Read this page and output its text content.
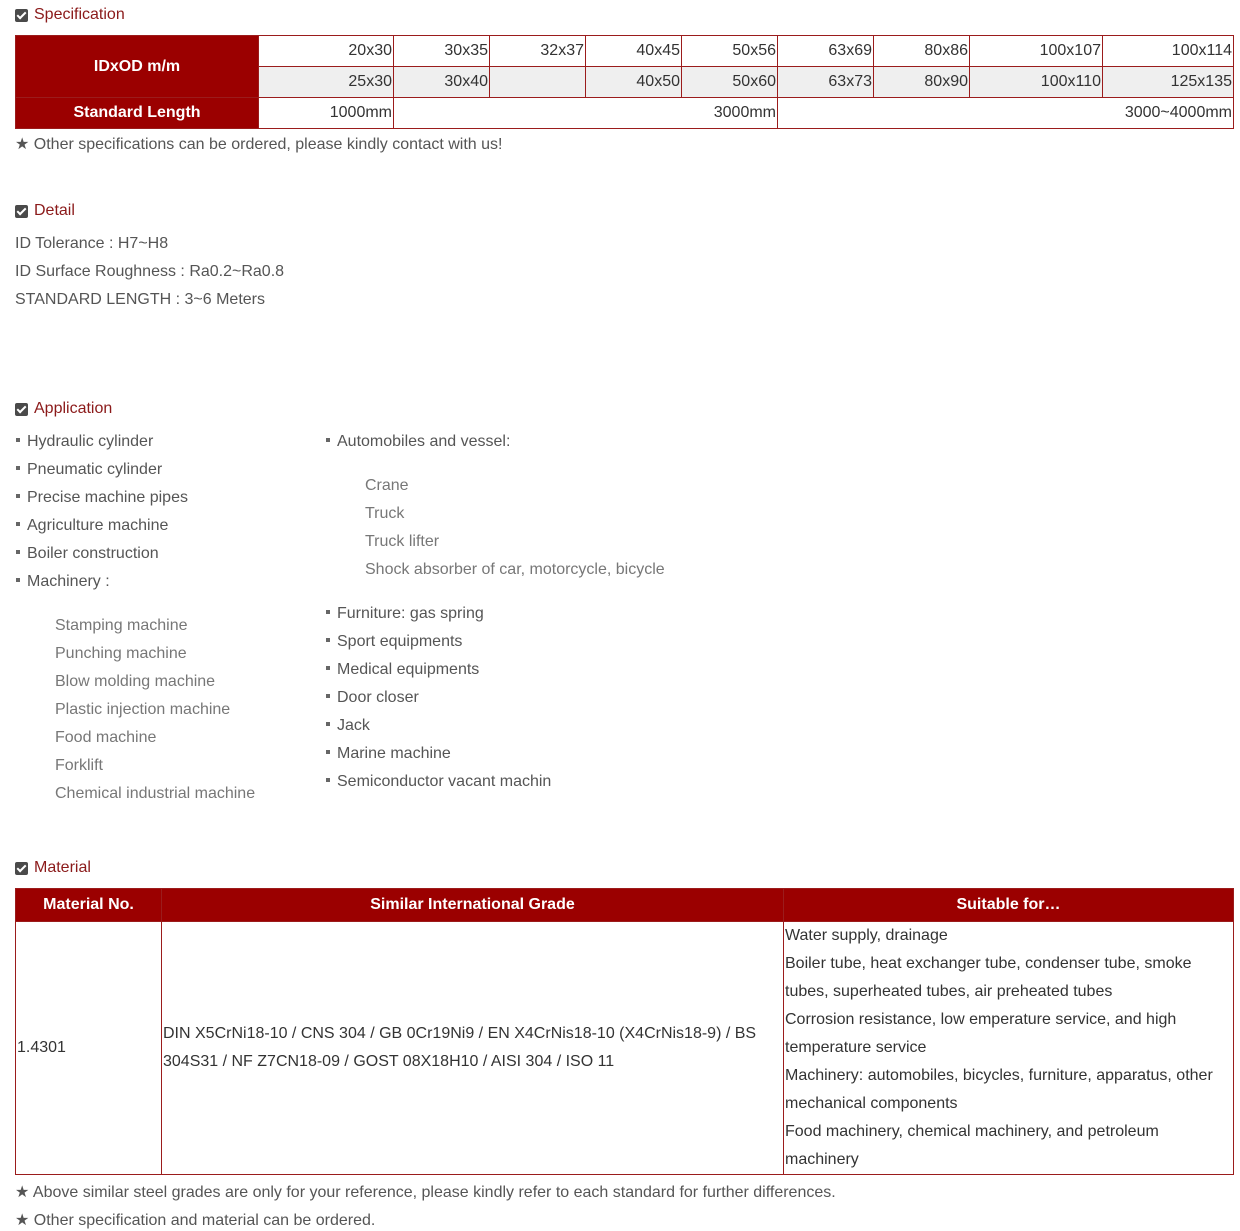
Specification
IDxOD m/m	20x30	30x35	32x37	40x45	50x56	63x69	80x86	100x107	100x114
	25x30	30x40		40x50	50x60	63x73	80x90	100x110	125x135
Standard Length	1000mm	3000mm				3000~4000mm			
★ Other specifications can be ordered, please kindly contact with us!
Detail
ID Tolerance : H7~H8
ID Surface Roughness : Ra0.2~Ra0.8
STANDARD LENGTH : 3~6 Meters
Application
Hydraulic cylinder
Pneumatic cylinder
Precise machine pipes
Agriculture machine
Boiler construction
Machinery :
Stamping machine
Punching machine
Blow molding machine
Plastic injection machine
Food machine
Forklift
Chemical industrial machine
Automobiles and vessel:
Crane
Truck
Truck lifter
Shock absorber of car, motorcycle, bicycle
Furniture: gas spring
Sport equipments
Medical equipments
Door closer
Jack
Marine machine
Semiconductor vacant machin
Material
Material No.	Similar International Grade	Suitable for…
1.4301	DIN X5CrNi18-10 / CNS 304 / GB 0Cr19Ni9 / EN X4CrNis18-10 (X4CrNis18-9) / BS 304S31 / NF Z7CN18-09 / GOST 08X18H10 / AISI 304 / ISO 11	Water supply, drainage
Boiler tube, heat exchanger tube, condenser tube, smoke tubes, superheated tubes, air preheated tubes
Corrosion resistance, low emperature service, and high temperature service
Machinery: automobiles, bicycles, furniture, apparatus, other mechanical components
Food machinery, chemical machinery, and petroleum machinery
★ Above similar steel grades are only for your reference, please kindly refer to each standard for further differences.
★ Other specification and material can be ordered.
